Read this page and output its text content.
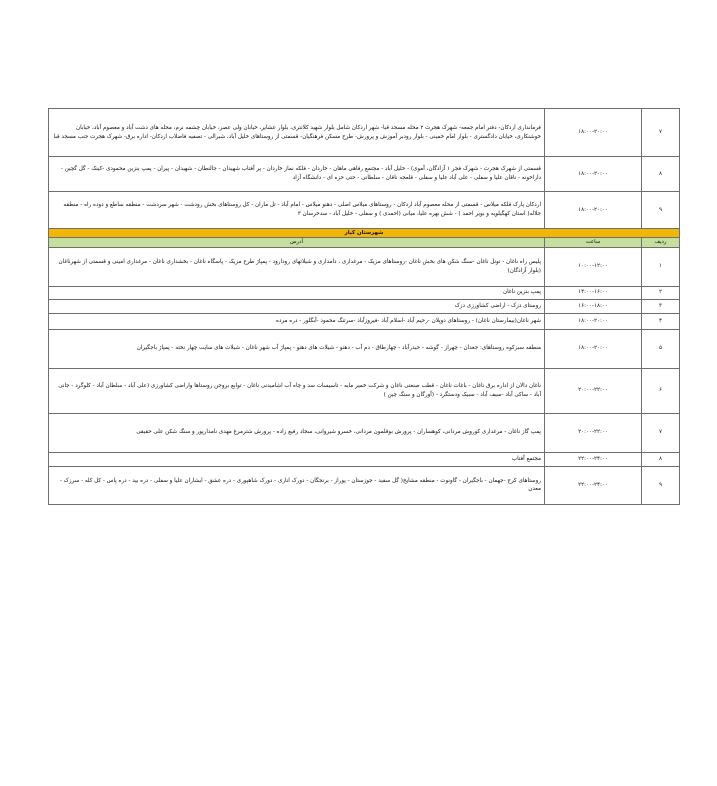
۷	۱۸:۰۰-۲۰:۰۰	فرمانداری اردکان- دفتر امام جمعه- شهرک هجرت ۲ محله مسجد قبا- شهر اردکان شامل بلوار شهید کلانتری، بلوار عشایر، خیابان ولی عصر، خیابان چشمه نرم، محله های دشت آباد و معصوم آباد، خیابان خوشنکاری، خیابان دادگستری - بلوار امام خمینی - بلوار رودبر آموزش و پرورش- طرح مسکن فرهنگیان- قسمتی از روستاهای خلیل آباد، شیرالی - تصفیه فاضلاب اردکان- اداره برق- شهرک هجرت جنب مسجد قبا
۸	۱۸:۰۰-۲۰:۰۰	قسمتی از شهرک هجرت - شهرک فجر ۱ آزادگان، آموی) - خلیل آباد - مجتمع رفاهی ماهان - خاردان - فلکه نماز خاردان - پر آفتاب شهیدان - جالنطان - شهیدان - پیران - پمپ بنزین محمودی -کینک - گل گچین - داراخونه - ناقان علیا و سفلی - علی آباد علیا و سفلی - قلعجه ناقان - سلطانی - حتی حزه ای - دانشگاه آزاد
۹	۱۸:۰۰-۲۰:۰۰	اردکان پارک فلکه میلاس - قسمتی از محله معصوم آباد اردکان - روستاهای میلاس اصلی - دهنو میلاس - امام آباد - تل ماران - کل روستاهای بخش رودشت - شهر سردشت - منطقه ساطع و دوده راه - منطقه جلاله( استان کهگیلویه و بویر احمد ) - شش بهره علیا، میانی (احمدی ) و سفلی - خلیل آباد - سدخرسان ۳
شهرستان کیار		
ردیف	ساعت	آدرس
۱	۱۰:۰۰-۱۲:۰۰	پلیس راه ناغان - تونل ناغان -سنگ شکن های بخش ناغان -روستاهای مزیک - مرغداری ، دامداری و شیلاتهای رودارود - پمپاژ طرح مزیک - پاسگاه ناغان - بخشداری ناغان - مرغداری امینی و قسمتی از شهرناغان (بلوار آزادگان)
۲	۱۴:۰۰-۱۶:۰۰	پمپ بنزین ناغان
۳	۱۶:۰۰-۱۸:۰۰	روستای دزک - اراضی کشاورزی دزک
۴	۱۸:۰۰-۲۰:۰۰	شهر ناغان(بیمارستان ناغان) - روستاهای دوپلان -رحیم آباد -اسلام آباد -فیروزآباد -سرتنگ محمود -آبگلور - دره مرده
۵	۱۸:۰۰-۲۰:۰۰	منطقه سبزکوه روستاهای: جغدان - چهراز - گوشه - حیدرآباد - چهارطاق - دم آب - دهنو - شیلات های دهنو - پمپاژ آب شهر ناغان - شیلات های سایت چهار نخته - پمپاژ باجگیران
۶	۲۰:۰۰-۲۲:۰۰	ناغان دالان از اداره برق ناغان - باغات ناغان - قطب صنعتی ناغان و شرکت خمیر مایه - تاسیسات سد و چاه آب اشامیدنی ناغان - توابع بروجن روستاها واراضی کشاورزی (علی آباد - سلطان آباد - کلوگرد - جانی آباد - ساکی آباد -سیف آباد - سبیک ودستگرد - (آورگان و سنگ چین )
۷	۲۰:۰۰-۲۲:۰۰	پمپ گاز ناغان - مرغداری کوروش مردانی، کوهساران - پرورش بوقلمون مردانی، خسرو شیروانی، سجاد رفیع زاده - پرورش شترمرغ مهدی نامدارپور و سنگ شکن علی حقیقی
۸	۲۲:۰۰-۲۴:۰۰	مجتمع آفتاب
۹	۲۲:۰۰-۲۴:۰۰	روستاهای کرج -جهمان - باجگیران - گاونوت - منطقه مشایخ( گل سفید - جوزستان - پوراز - برنجگان - دورک اناری - دورک شاهپوری - دره عشق - ایشاران علیا و سفلی - دره بید - دره پاس - کل کله - سرزک - معدن
